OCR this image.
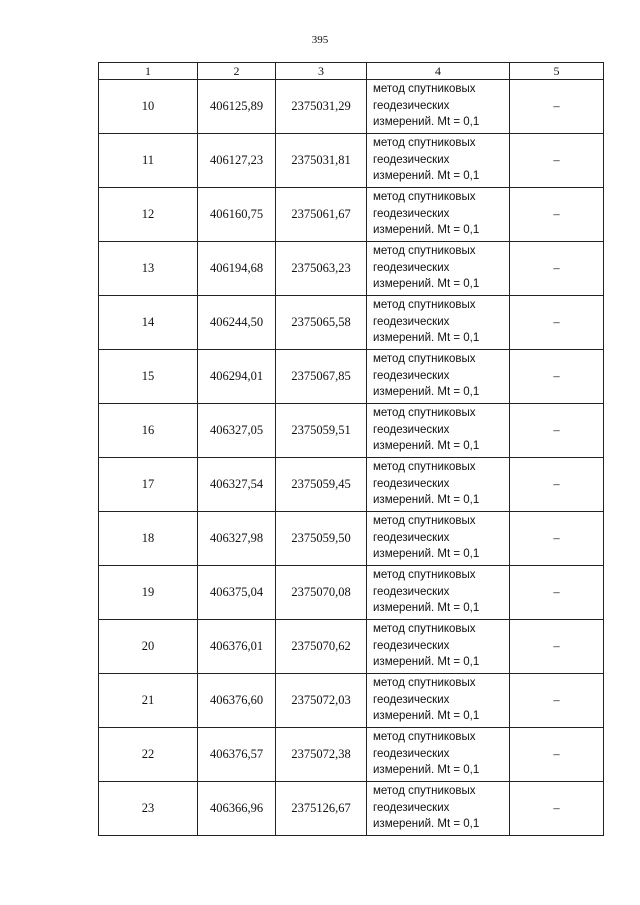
395
1	2	3	4	5
10	406125,89	2375031,29	метод спутниковых
геодезических
измерений. Mt = 0,1	–
11	406127,23	2375031,81	метод спутниковых
геодезических
измерений. Mt = 0,1	–
12	406160,75	2375061,67	метод спутниковых
геодезических
измерений. Mt = 0,1	–
13	406194,68	2375063,23	метод спутниковых
геодезических
измерений. Mt = 0,1	–
14	406244,50	2375065,58	метод спутниковых
геодезических
измерений. Mt = 0,1	–
15	406294,01	2375067,85	метод спутниковых
геодезических
измерений. Mt = 0,1	–
16	406327,05	2375059,51	метод спутниковых
геодезических
измерений. Mt = 0,1	–
17	406327,54	2375059,45	метод спутниковых
геодезических
измерений. Mt = 0,1	–
18	406327,98	2375059,50	метод спутниковых
геодезических
измерений. Mt = 0,1	–
19	406375,04	2375070,08	метод спутниковых
геодезических
измерений. Mt = 0,1	–
20	406376,01	2375070,62	метод спутниковых
геодезических
измерений. Mt = 0,1	–
21	406376,60	2375072,03	метод спутниковых
геодезических
измерений. Mt = 0,1	–
22	406376,57	2375072,38	метод спутниковых
геодезических
измерений. Mt = 0,1	–
23	406366,96	2375126,67	метод спутниковых
геодезических
измерений. Mt = 0,1	–
